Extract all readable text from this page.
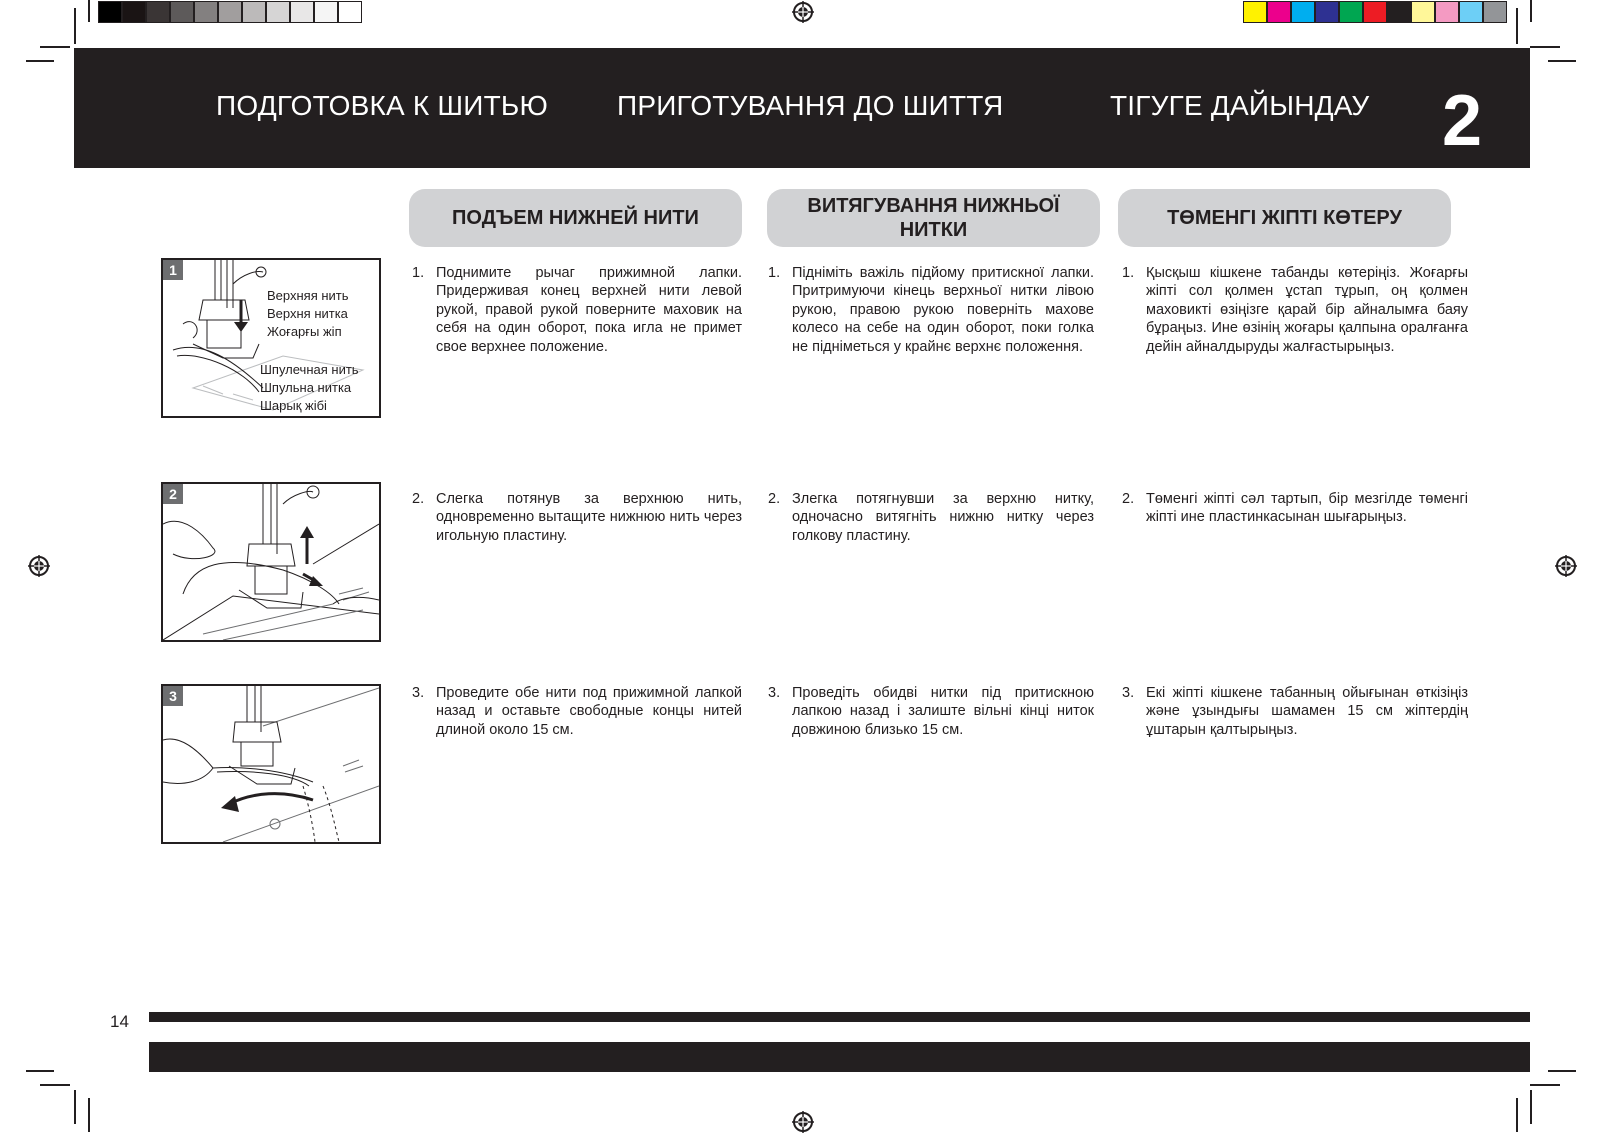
ПОДГОТОВКА К ШИТЬЮ ПРИГОТУВАННЯ ДО ШИТТЯ	ТІГУГЕ ДАЙЫНДАУ 2
ПОДЪЕМ НИЖНЕЙ НИТИ
ВИТЯГУВАННЯ НИЖНЬОЇ НИТКИ
ТӨМЕНГІ ЖІПТІ КӨТЕРУ
1
Верхняя нить
Верхня нитка
Жоғарғы жіп
Шпулечная нить
Шпульна нитка
Шарық жібі
2
3
1. Поднимите рычаг прижимной лапки. Придерживая конец верхней нити левой рукой, правой рукой поверните маховик на себя на один оборот, пока игла не примет свое верхнее положение.
1. Підніміть важіль підйому притискної лапки. Притримуючи кінець верхньої нитки лівою рукою, правою рукою поверніть махове колесо на себе на один оборот, поки голка не підніметься у крайнє верхнє положення.
1. Қысқыш кішкене табанды көтеріңіз. Жоғарғы жіпті сол қолмен ұстап тұрып, оң қолмен маховикті өзіңізге қарай бір айналымға баяу бұраңыз. Ине өзінің жоғары қалпына оралғанға дейін айналдыруды жалғастырыңыз.
2. Слегка потянув за верхнюю нить, одновременно вытащите нижнюю нить через игольную пластину.
2. Злегка потягнувши за верхню нитку, одночасно витягніть нижню нитку через голкову пластину.
2. Төменгі жіпті сәл тартып, бір мезгілде төменгі жіпті ине пластинкасынан шығарыңыз.
3. Проведите обе нити под прижимной лапкой назад и оставьте свободные концы нитей длиной около 15 см.
3. Проведіть обидві нитки під притискною лапкою назад і залиште вільні кінці ниток довжиною близько 15 см.
3. Екі жіпті кішкене табанның ойығынан өткізіңіз және ұзындығы шамамен 15 см жіптердің ұштарын қалтырыңыз.
14
